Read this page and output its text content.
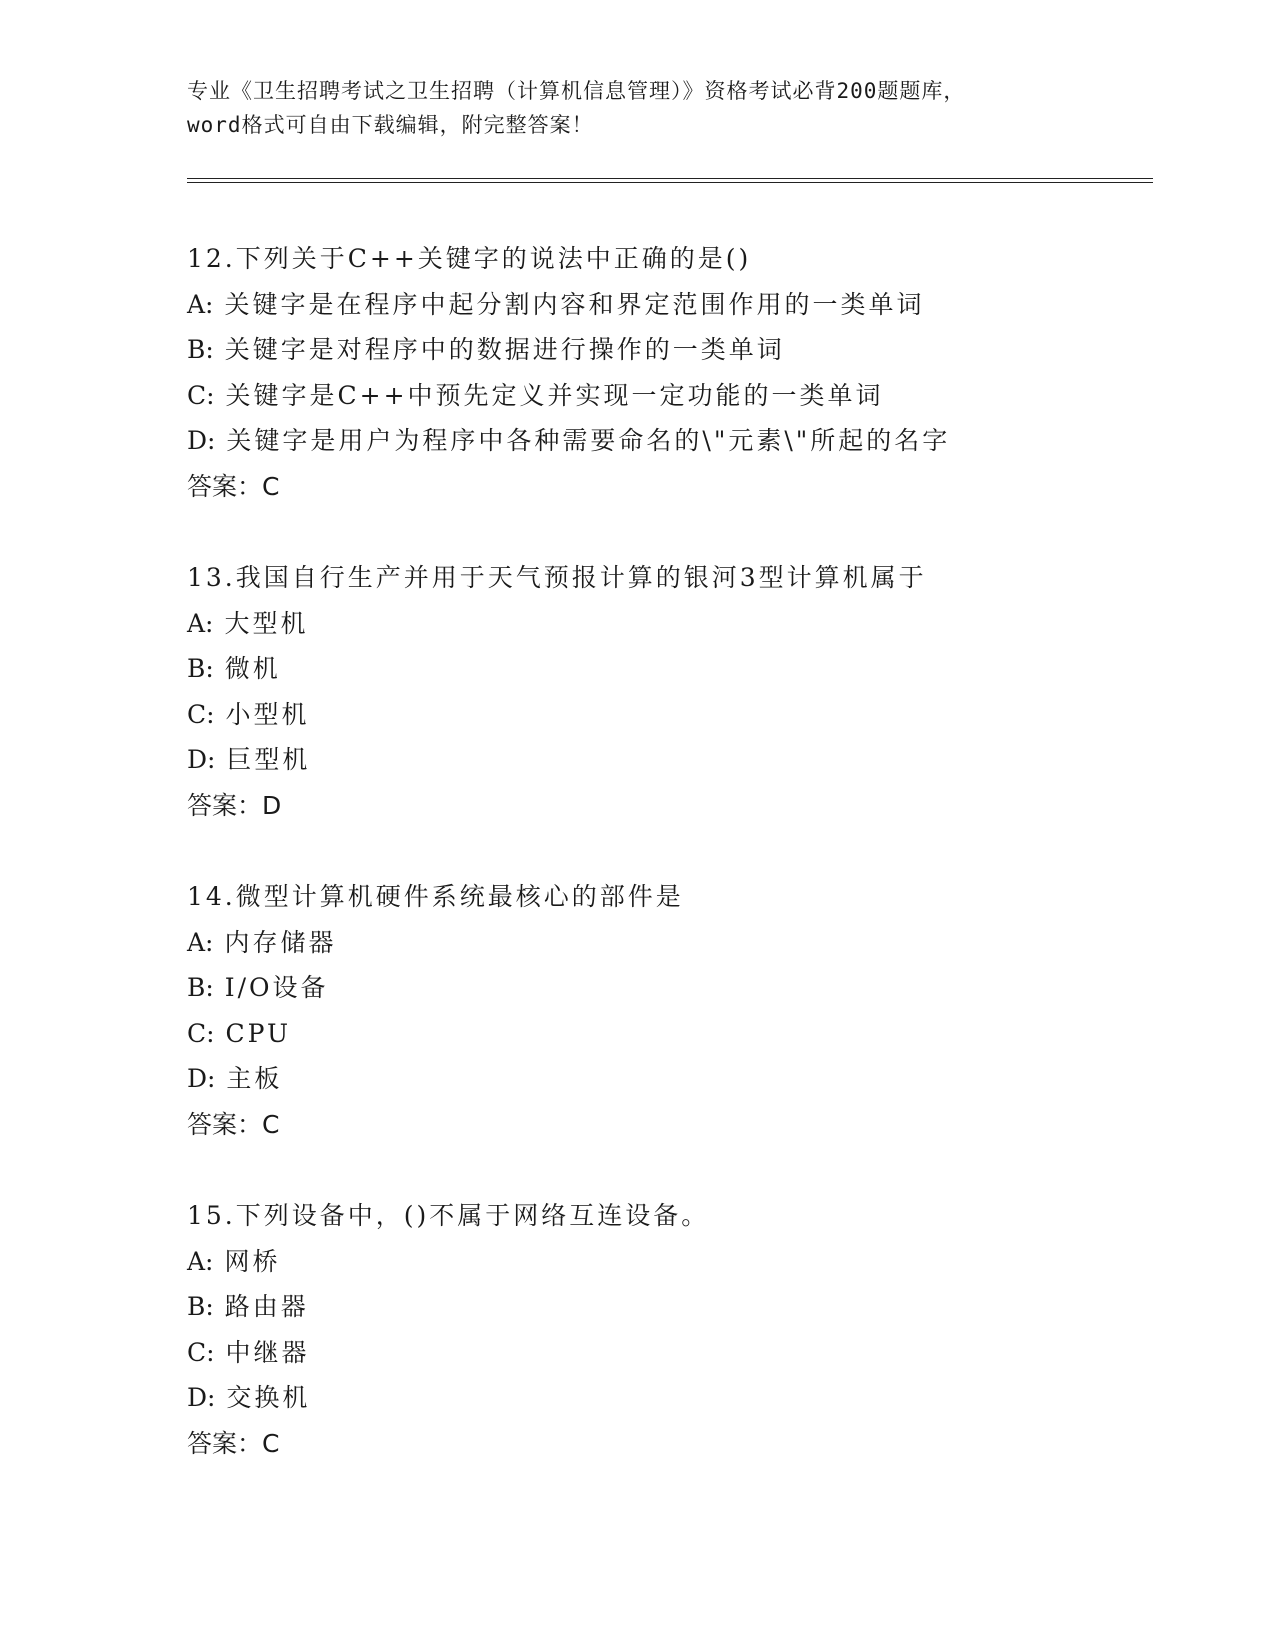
专业《卫生招聘考试之卫生招聘（计算机信息管理）》资格考试必背200题题库，
word格式可自由下载编辑，附完整答案！
12.下列关于C++关键字的说法中正确的是()
A: 关键字是在程序中起分割内容和界定范围作用的一类单词
B: 关键字是对程序中的数据进行操作的一类单词
C: 关键字是C++中预先定义并实现一定功能的一类单词
D: 关键字是用户为程序中各种需要命名的\"元素\"所起的名字
答案：C
13.我国自行生产并用于天气预报计算的银河3型计算机属于
A: 大型机
B: 微机
C: 小型机
D: 巨型机
答案：D
14.微型计算机硬件系统最核心的部件是
A: 内存储器
B: I/O设备
C: CPU
D: 主板
答案：C
15.下列设备中，()不属于网络互连设备。
A: 网桥
B: 路由器
C: 中继器
D: 交换机
答案：C
